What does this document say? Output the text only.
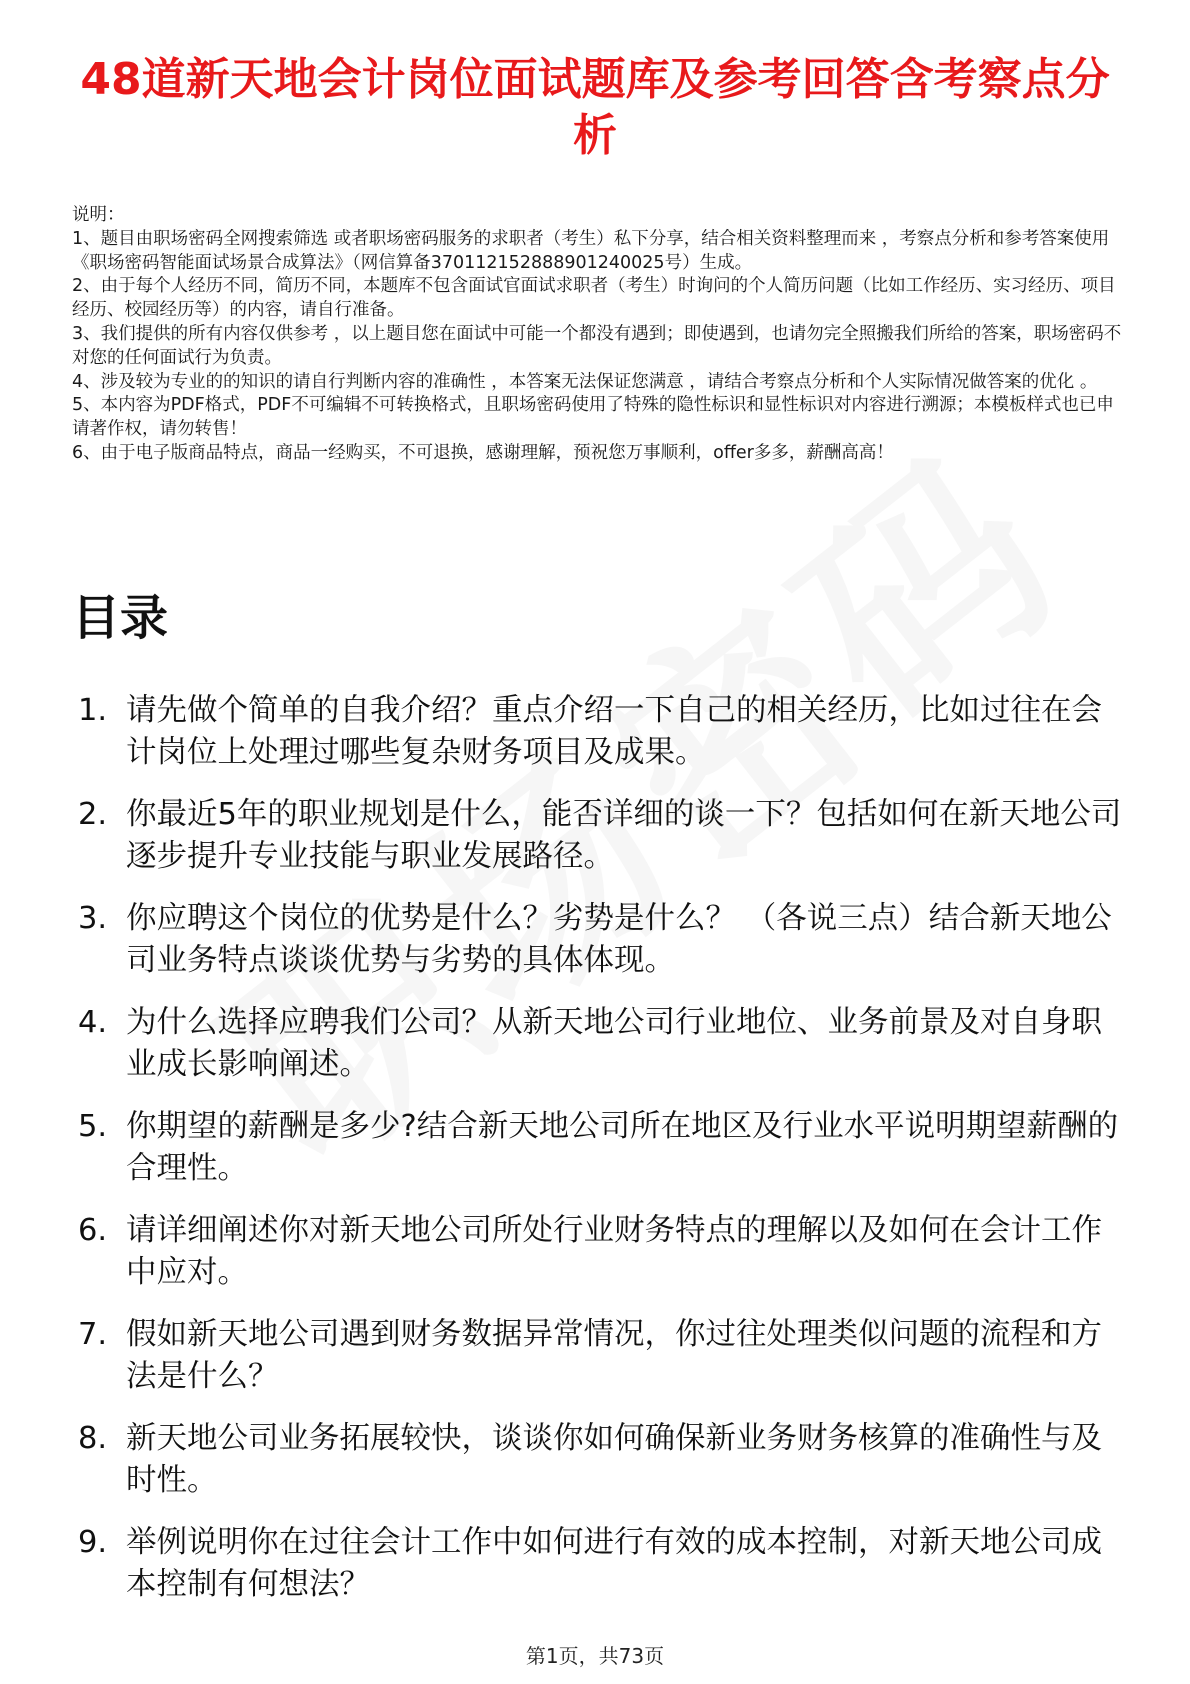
48道新天地会计岗位面试题库及参考回答含考察点分析

说明：

1、题目由职场密码全网搜索筛选 或者职场密码服务的求职者（考生）私下分享，结合相关资料整理而来 ，考察点分析和参考答案使用《职场密码智能面试场景合成算法》（网信算备370112152888901240025号）生成。

2、由于每个人经历不同，简历不同，本题库不包含面试官面试求职者（考生）时询问的个人简历问题（比如工作经历、实习经历、项目经历、校园经历等）的内容，请自行准备。

3、我们提供的所有内容仅供参考 ，以上题目您在面试中可能一个都没有遇到；即使遇到，也请勿完全照搬我们所给的答案，职场密码不对您的任何面试行为负责。

4、涉及较为专业的的知识的请自行判断内容的准确性 ，本答案无法保证您满意 ，请结合考察点分析和个人实际情况做答案的优化 。

5、本内容为PDF格式，PDF不可编辑不可转换格式，且职场密码使用了特殊的隐性标识和显性标识对内容进行溯源；本模板样式也已申请著作权，请勿转售！

6、由于电子版商品特点，商品一经购买，不可退换，感谢理解，预祝您万事顺利，offer多多，薪酬高高！

目录
1. 请先做个简单的自我介绍？重点介绍一下自己的相关经历，比如过往在会计岗位上处理过哪些复杂财务项目及成果。
2. 你最近5年的职业规划是什么，能否详细的谈一下？包括如何在新天地公司逐步提升专业技能与职业发展路径。
3. 你应聘这个岗位的优势是什么？劣势是什么？ （各说三点）结合新天地公司业务特点谈谈优势与劣势的具体体现。
4. 为什么选择应聘我们公司？从新天地公司行业地位、业务前景及对自身职业成长影响阐述。
5. 你期望的薪酬是多少?结合新天地公司所在地区及行业水平说明期望薪酬的合理性。
6. 请详细阐述你对新天地公司所处行业财务特点的理解以及如何在会计工作中应对。
7. 假如新天地公司遇到财务数据异常情况，你过往处理类似问题的流程和方法是什么？
8. 新天地公司业务拓展较快，谈谈你如何确保新业务财务核算的准确性与及时性。
9. 举例说明你在过往会计工作中如何进行有效的成本控制，对新天地公司成本控制有何想法？
第1页，共73页
